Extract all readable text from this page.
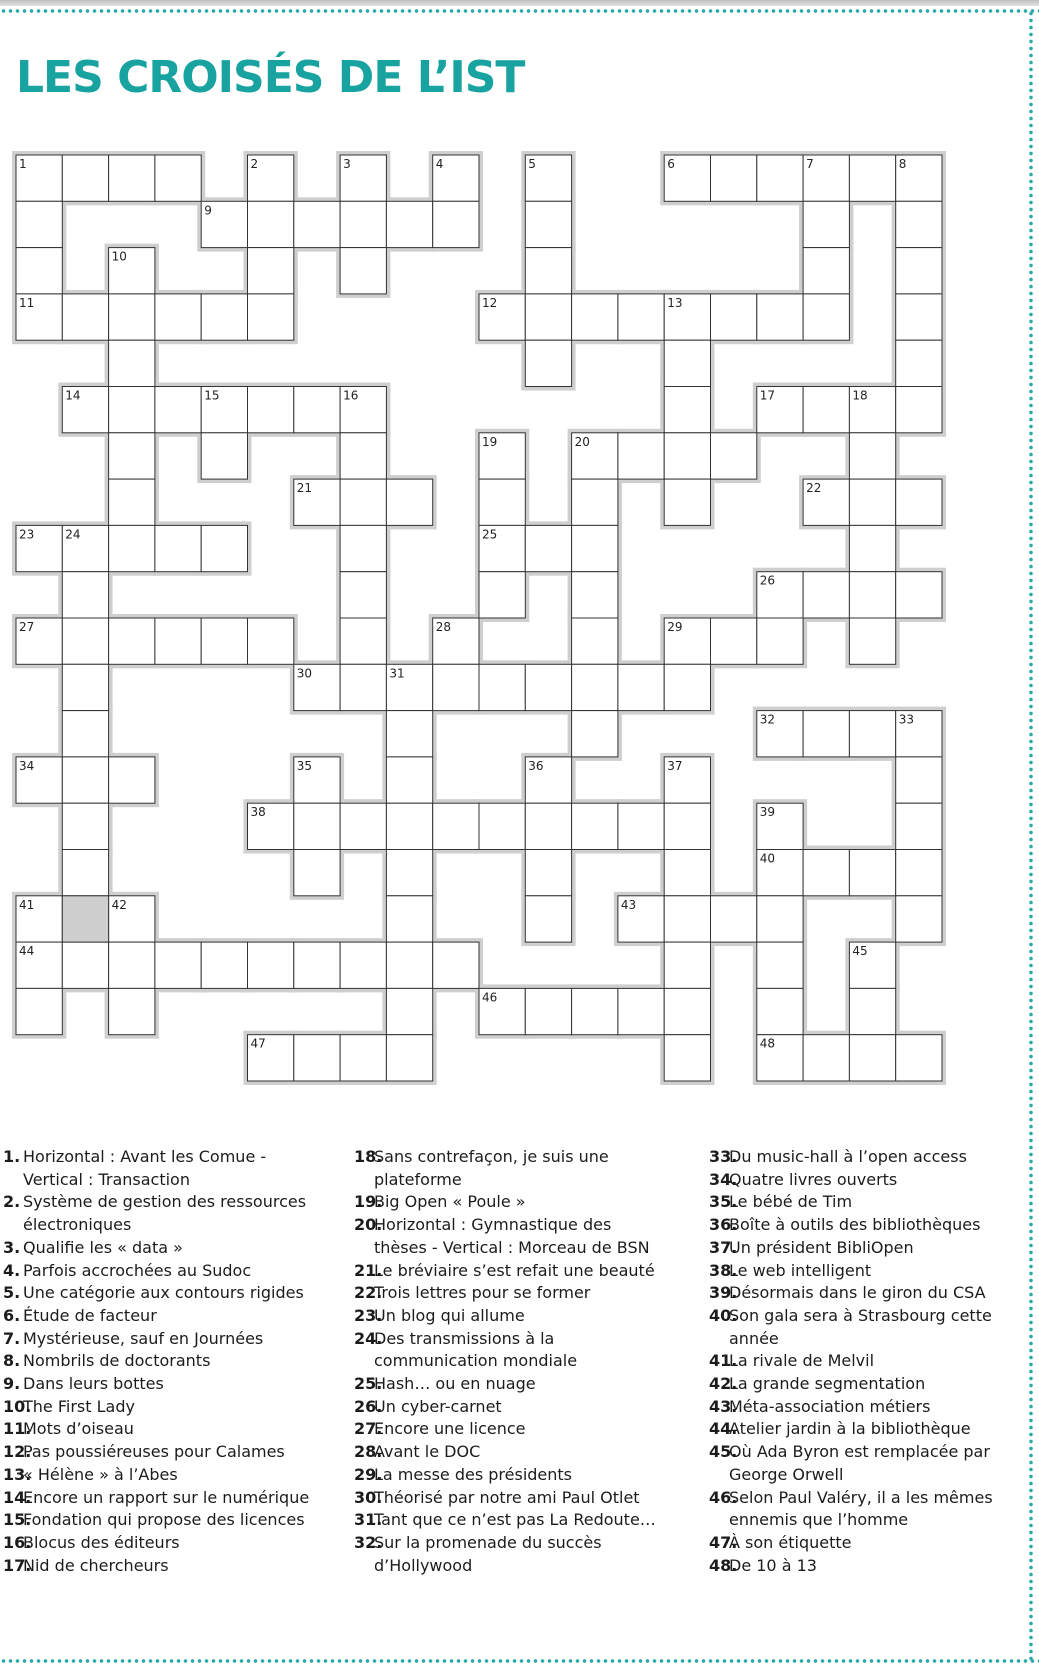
LES CROISÉS DE L’IST
1	2	3	4	5	6	7	8
9
10
11	12	13
14	15	16	17	18
19	20
21	22
23	24	25
26
27	28	29
30	31
32	33
34	35	36	37
38	39
40
41	42	43
44	45
46
47	48
1. Horizontal : Avant les Comue -
Vertical : Transaction
2. Système de gestion des ressources
électroniques
3. Qualifie les « data »
4. Parfois accrochées au Sudoc
5. Une catégorie aux contours rigides
6. Étude de facteur
7. Mystérieuse, sauf en Journées
8. Nombrils de doctorants
9. Dans leurs bottes
10.
The First Lady
11.
Mots d’oiseau
12.
Pas poussiéreuses pour Calames
13.
« Hélène » à l’Abes
14.
Encore un rapport sur le numérique
15.
Fondation qui propose des licences
16.
Blocus des éditeurs
17.
Nid de chercheurs
18.
Sans contrefaçon, je suis une
plateforme
19.
Big Open « Poule »
20.
Horizontal : Gymnastique des
thèses - Vertical : Morceau de BSN
21.
Le bréviaire s’est refait une beauté
22.
Trois lettres pour se former
23.
Un blog qui allume
24.
Des transmissions à la
communication mondiale
25.
Hash… ou en nuage
26.
Un cyber-carnet
27.
Encore une licence
28.
Avant le DOC
29.
La messe des présidents
30.
Théorisé par notre ami Paul Otlet
31.
Tant que ce n’est pas La Redoute…
32.
Sur la promenade du succès
d’Hollywood
33.
Du music-hall à l’open access
34.
Quatre livres ouverts
35.
Le bébé de Tim
36.
Boîte à outils des bibliothèques
37.
Un président BibliOpen
38.
Le web intelligent
39.
Désormais dans le giron du CSA
40.
Son gala sera à Strasbourg cette
année
41.
La rivale de Melvil
42.
La grande segmentation
43.
Méta-association métiers
44.
Atelier jardin à la bibliothèque
45.
Où Ada Byron est remplacée par
George Orwell
46.
Selon Paul Valéry, il a les mêmes
ennemis que l’homme
47.
À son étiquette
48.
De 10 à 13
